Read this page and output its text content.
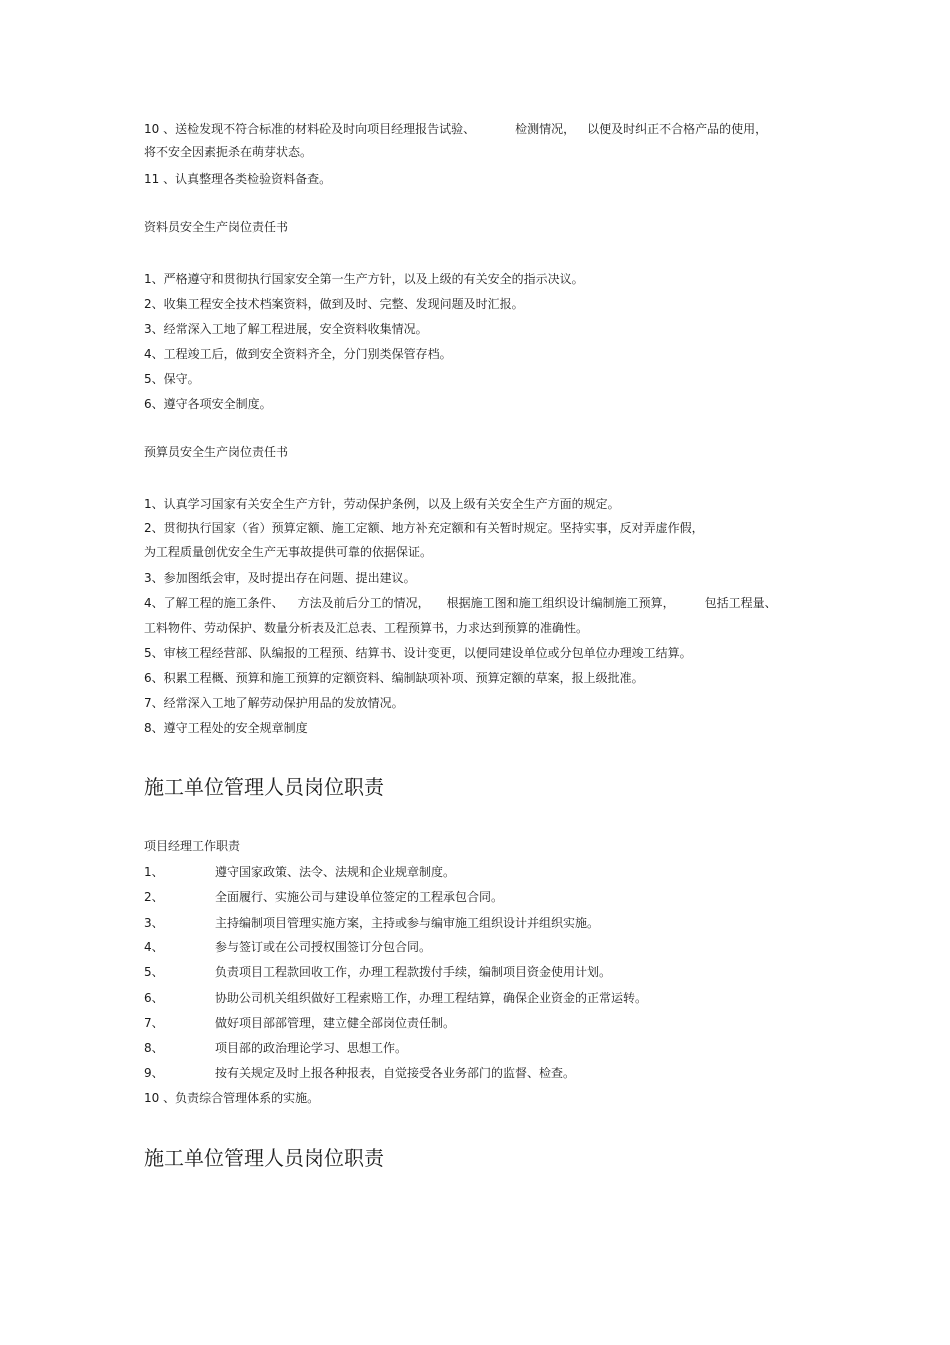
10 、送检发现不符合标准的材料砼及时向项目经理报告试验、	检测情况， 以便及时纠正不合格产品的使用，
将不安全因素扼杀在萌芽状态。
11 、认真整理各类检验资料备查。
资料员安全生产岗位责任书
1、严格遵守和贯彻执行国家安全第一生产方针，以及上级的有关安全的指示决议。
2、收集工程安全技术档案资料，做到及时、完整、发现问题及时汇报。
3、经常深入工地了解工程进展，安全资料收集情况。
4、工程竣工后，做到安全资料齐全，分门别类保管存档。
5、保守。
6、遵守各项安全制度。
预算员安全生产岗位责任书
1、认真学习国家有关安全生产方针，劳动保护条例，以及上级有关安全生产方面的规定。
2、贯彻执行国家（省）预算定额、施工定额、地方补充定额和有关暂时规定。坚持实事，反对弄虚作假，
为工程质量创优安全生产无事故提供可靠的依据保证。
3、参加图纸会审，及时提出存在问题、提出建议。
4、了解工程的施工条件、 方法及前后分工的情况， 根据施工图和施工组织设计编制施工预算，	包括工程量、
工料物件、劳动保护、数量分析表及汇总表、工程预算书，力求达到预算的准确性。
5、审核工程经营部、队编报的工程预、结算书、设计变更，以便同建设单位或分包单位办理竣工结算。
6、积累工程概、预算和施工预算的定额资料、编制缺项补项、预算定额的草案，报上级批准。
7、经常深入工地了解劳动保护用品的发放情况。
8、遵守工程处的安全规章制度
施工单位管理人员岗位职责
项目经理工作职责
1、	遵守国家政策、法令、法规和企业规章制度。
2、	全面履行、实施公司与建设单位签定的工程承包合同。
3、	主持编制项目管理实施方案，主持或参与编审施工组织设计并组织实施。
4、	参与签订或在公司授权围签订分包合同。
5、	负责项目工程款回收工作，办理工程款拨付手续，编制项目资金使用计划。
6、	协助公司机关组织做好工程索赔工作，办理工程结算，确保企业资金的正常运转。
7、	做好项目部部管理，建立健全部岗位责任制。
8、	项目部的政治理论学习、思想工作。
9、	按有关规定及时上报各种报表，自觉接受各业务部门的监督、检查。
10 、负责综合管理体系的实施。
施工单位管理人员岗位职责
